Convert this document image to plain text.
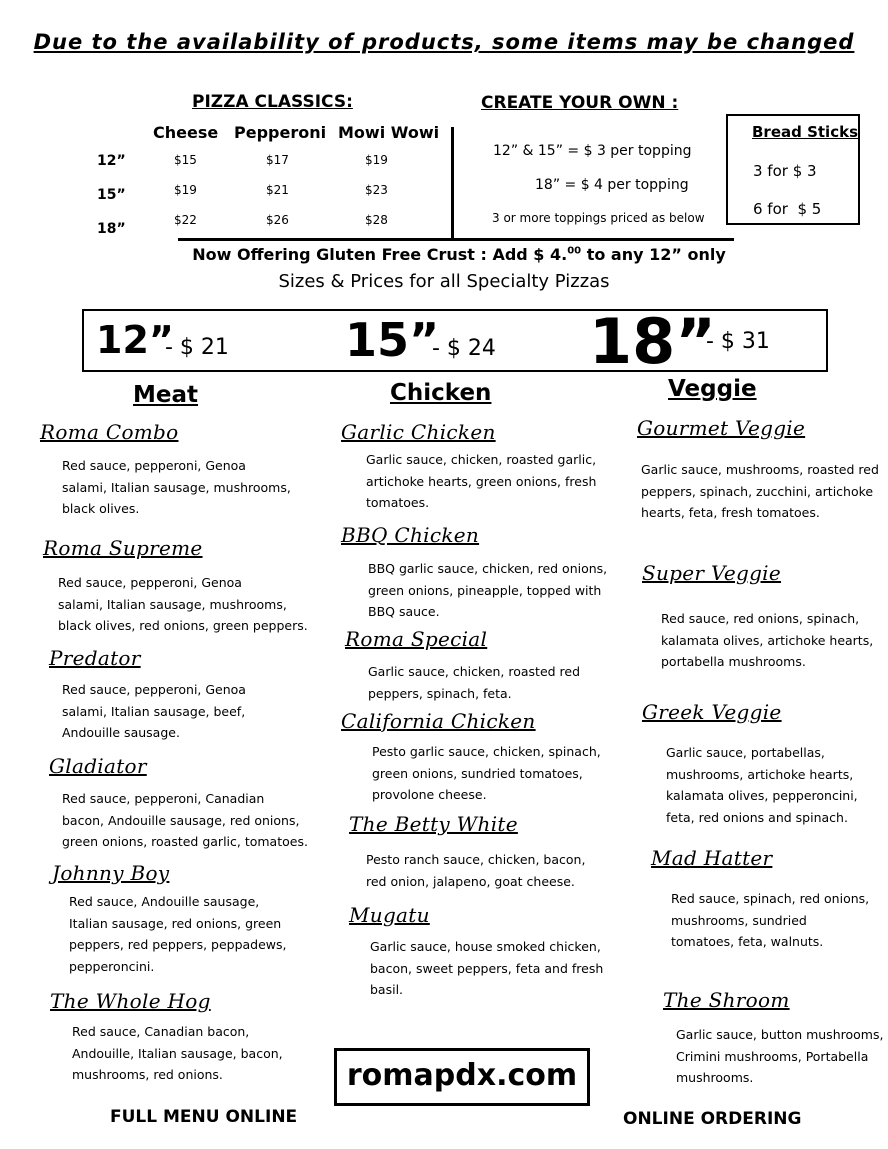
Due to the availability of products, some items may be changed
PIZZA CLASSICS:
Cheese Pepperoni Mowi Wowi
12”
15”
18”
$15	$17	$19
$19	$21	$23
$22	$26	$28
CREATE YOUR OWN :
12” & 15” = $ 3 per topping
18” = $ 4 per topping
3 or more toppings priced as below
Bread Sticks
3 for $ 3
6 for  $ 5
Now Offering Gluten Free Crust : Add $ 4.00 to any 12” only
Sizes & Prices for all Specialty Pizzas
12”
- $ 21	15”
- $ 24 18”
- $ 31
Meat	Chicken	Veggie
Roma Combo
Red sauce, pepperoni, Genoa
salami, Italian sausage, mushrooms,
black olives.
Roma Supreme
Red sauce, pepperoni, Genoa
salami, Italian sausage, mushrooms,
black olives, red onions, green peppers.
Predator
Red sauce, pepperoni, Genoa
salami, Italian sausage, beef,
Andouille sausage.
Gladiator
Red sauce, pepperoni, Canadian
bacon, Andouille sausage, red onions,
green onions, roasted garlic, tomatoes.
Johnny Boy
Red sauce, Andouille sausage,
Italian sausage, red onions, green
peppers, red peppers, peppadews,
pepperoncini.
The Whole Hog
Red sauce, Canadian bacon,
Andouille, Italian sausage, bacon,
mushrooms, red onions.
Garlic Chicken
Garlic sauce, chicken, roasted garlic,
artichoke hearts, green onions, fresh
tomatoes.
BBQ Chicken
BBQ garlic sauce, chicken, red onions,
green onions, pineapple, topped with
BBQ sauce.
Roma Special
Garlic sauce, chicken, roasted red
peppers, spinach, feta.
California Chicken
Pesto garlic sauce, chicken, spinach,
green onions, sundried tomatoes,
provolone cheese.
The Betty White
Pesto ranch sauce, chicken, bacon,
red onion, jalapeno, goat cheese.
Mugatu
Garlic sauce, house smoked chicken,
bacon, sweet peppers, feta and fresh
basil.
Gourmet Veggie
Garlic sauce, mushrooms, roasted red
peppers, spinach, zucchini, artichoke
hearts, feta, fresh tomatoes.
Super Veggie
Red sauce, red onions, spinach,
kalamata olives, artichoke hearts,
portabella mushrooms.
Greek Veggie
Garlic sauce, portabellas,
mushrooms, artichoke hearts,
kalamata olives, pepperoncini,
feta, red onions and spinach.
Mad Hatter
Red sauce, spinach, red onions,
mushrooms, sundried
tomatoes, feta, walnuts.
The Shroom
Garlic sauce, button mushrooms,
Crimini mushrooms, Portabella
mushrooms.
romapdx.com
FULL MENU ONLINE	ONLINE ORDERING
